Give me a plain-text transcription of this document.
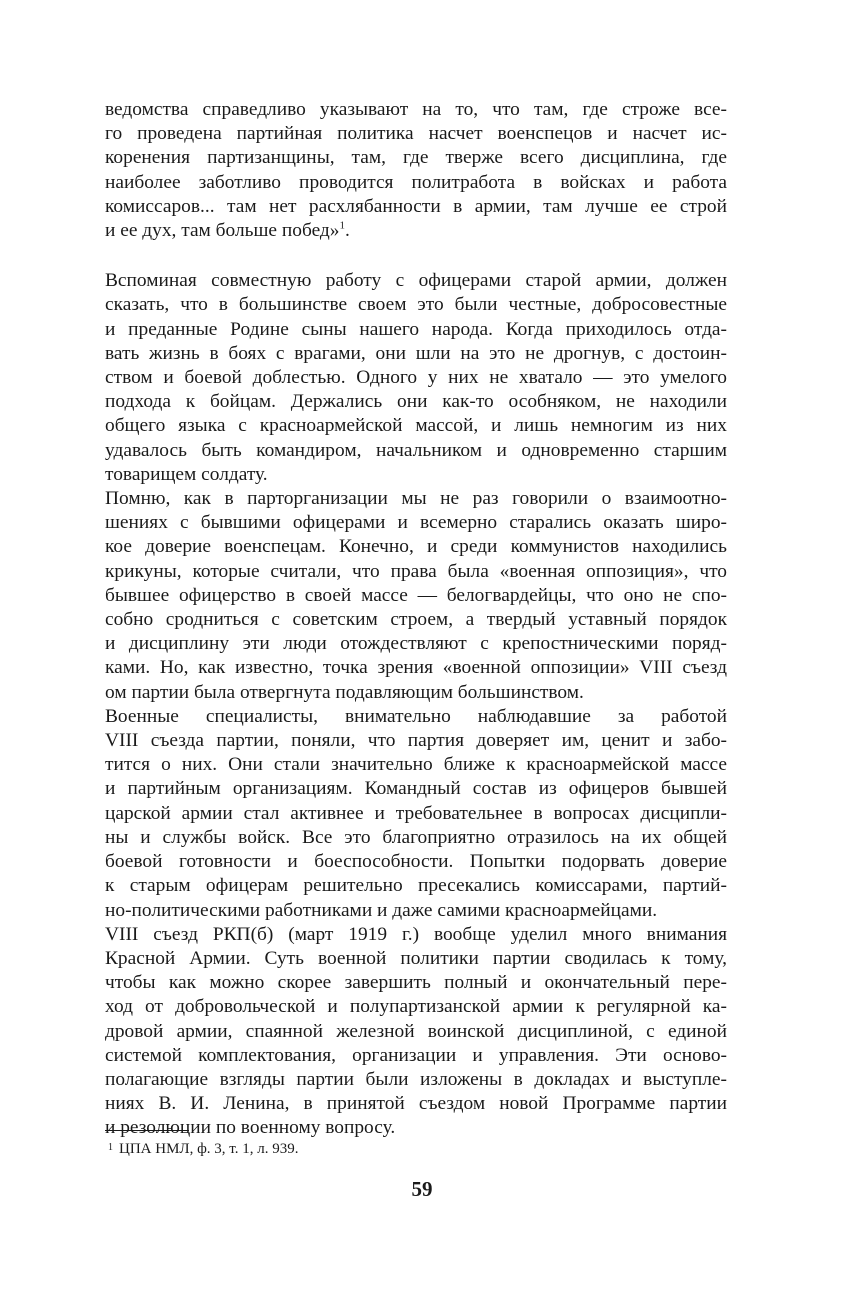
ведомства справедливо указывают на то, что там, где строже все-
го проведена партийная политика насчет военспецов и насчет ис-
коренения партизанщины, там, где тверже всего дисциплина, где
наиболее заботливо проводится политработа в войсках и работа
комиссаров... там нет расхлябанности в армии, там лучше ее строй
и ее дух, там больше побед»$^1$.
Вспоминая совместную работу с офицерами старой армии, должен
сказать, что в большинстве своем это были честные, добросовестные
и преданные Родине сыны нашего народа. Когда приходилось отда-
вать жизнь в боях с врагами, они шли на это не дрогнув, с достоин-
ством и боевой доблестью. Одного у них не хватало — это умелого
подхода к бойцам. Держались они как-то особняком, не находили
общего языка с красноармейской массой, и лишь немногим из них
удавалось быть командиром, начальником и одновременно старшим
товарищем солдату.
Помню, как в парторганизации мы не раз говорили о взаимоотно-
шениях с бывшими офицерами и всемерно старались оказать широ-
кое доверие военспецам. Конечно, и среди коммунистов находились
крикуны, которые считали, что права была «военная оппозиция», что
бывшее офицерство в своей массе — белогвардейцы, что оно не спо-
собно сродниться с советским строем, а твердый уставный порядок
и дисциплину эти люди отождествляют с крепостническими поряд-
ками. Но, как известно, точка зрения «военной оппозиции» VIII съезд
ом партии была отвергнута подавляющим большинством.
Военные специалисты, внимательно наблюдавшие за работой
VIII съезда партии, поняли, что партия доверяет им, ценит и забо-
тится о них. Они стали значительно ближе к красноармейской массе
и партийным организациям. Командный состав из офицеров бывшей
царской армии стал активнее и требовательнее в вопросах дисципли-
ны и службы войск. Все это благоприятно отразилось на их общей
боевой готовности и боеспособности. Попытки подорвать доверие
к старым офицерам решительно пресекались комиссарами, партий-
но-политическими работниками и даже самими красноармейцами.
VIII съезд РКП(б) (март 1919 г.) вообще уделил много внимания
Красной Армии. Суть военной политики партии сводилась к тому,
чтобы как можно скорее завершить полный и окончательный пере-
ход от добровольческой и полупартизанской армии к регулярной ка-
дровой армии, спаянной железной воинской дисциплиной, с единой
системой комплектования, организации и управления. Эти осново-
полагающие взгляды партии были изложены в докладах и выступле-
ниях В. И. Ленина, в принятой съездом новой Программе партии
и резолюции по военному вопросу.
$^1$ ЦПА НМЛ, ф. 3, т. 1, л. 939.
59
